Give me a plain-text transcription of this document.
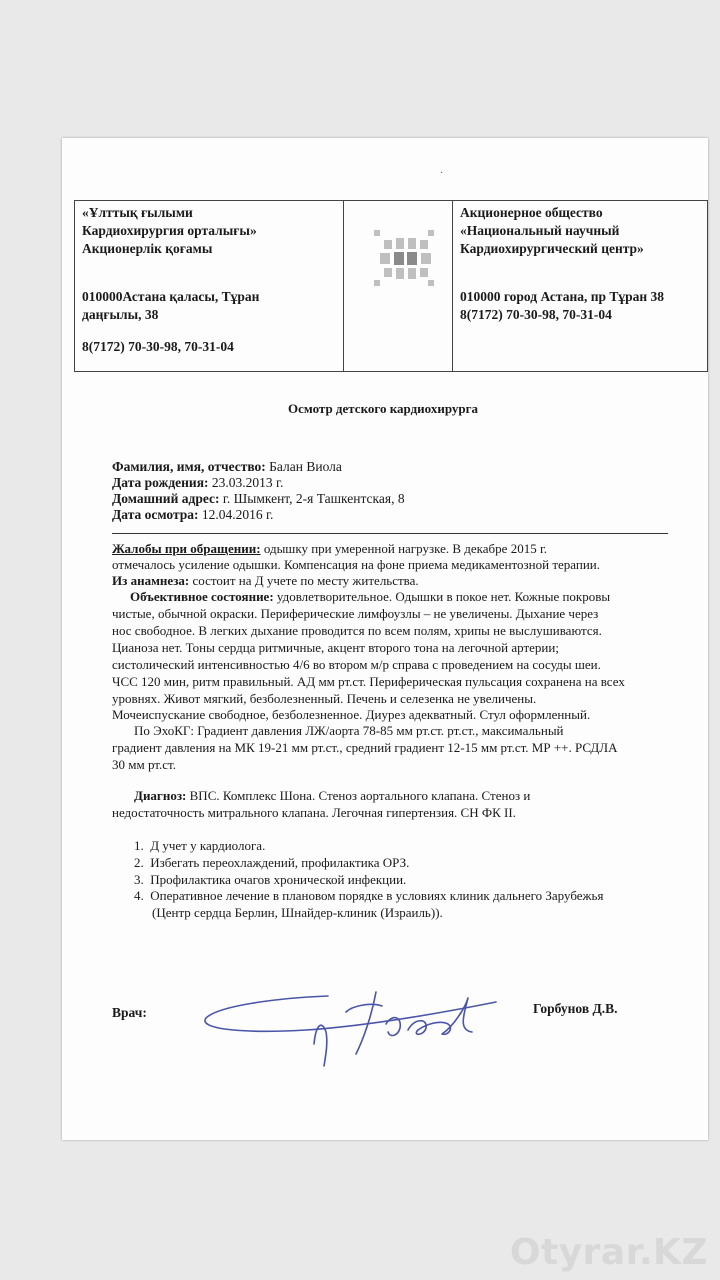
·
«Ұлттық ғылыми
Кардиохирургия орталығы»
Акционерлік қоғамы
010000Астана қаласы, Тұран
даңғылы, 38
8(7172) 70-30-98, 70-31-04
Акционерное общество
«Национальный научный
Кардиохирургический центр»
010000 город Астана, пр Тұран 38
8(7172) 70-30-98, 70-31-04
Осмотр детского кардиохирурга
Фамилия, имя, отчество: Балан Виола
Дата рождения: 23.03.2013 г.
Домашний адрес: г. Шымкент, 2-я Ташкентская, 8
Дата осмотра: 12.04.2016 г.
Жалобы при обращении: одышку при умеренной нагрузке. В декабре 2015 г.
отмечалось усиление одышки. Компенсация на фоне приема медикаментозной терапии.
Из анамнеза: состоит на Д учете по месту жительства.
Объективное состояние: удовлетворительное. Одышки в покое нет. Кожные покровы
чистые, обычной окраски. Периферические лимфоузлы – не увеличены. Дыхание через
нос свободное. В легких дыхание проводится по всем полям, хрипы не выслушиваются.
Цианоза нет. Тоны сердца ритмичные, акцент второго тона на легочной артерии;
систолический интенсивностью 4/6 во втором м/р справа с проведением на сосуды шеи.
ЧСС 120 мин, ритм правильный. АД мм рт.ст. Периферическая пульсация сохранена на всех
уровнях. Живот мягкий, безболезненный. Печень и селезенка не увеличены.
Мочеиспускание свободное, безболезненное. Диурез адекватный. Стул оформленный.
По ЭхоКГ: Градиент давления ЛЖ/аорта 78-85 мм рт.ст. рт.ст., максимальный
градиент давления на МК 19-21 мм рт.ст., средний градиент 12-15 мм рт.ст. МР ++. РСДЛА
30 мм рт.ст.
Диагноз: ВПС. Комплекс Шона. Стеноз аортального клапана. Стеноз и
недостаточность митрального клапана. Легочная гипертензия. СН ФК II.
1. Д учет у кардиолога.
2. Избегать переохлаждений, профилактика ОРЗ.
3. Профилактика очагов хронической инфекции.
4. Оперативное лечение в плановом порядке в условиях клиник дальнего Зарубежья
(Центр сердца Берлин, Шнайдер-клиник (Израиль)).
Врач:	Горбунов Д.В.
Otyrar.KZ
